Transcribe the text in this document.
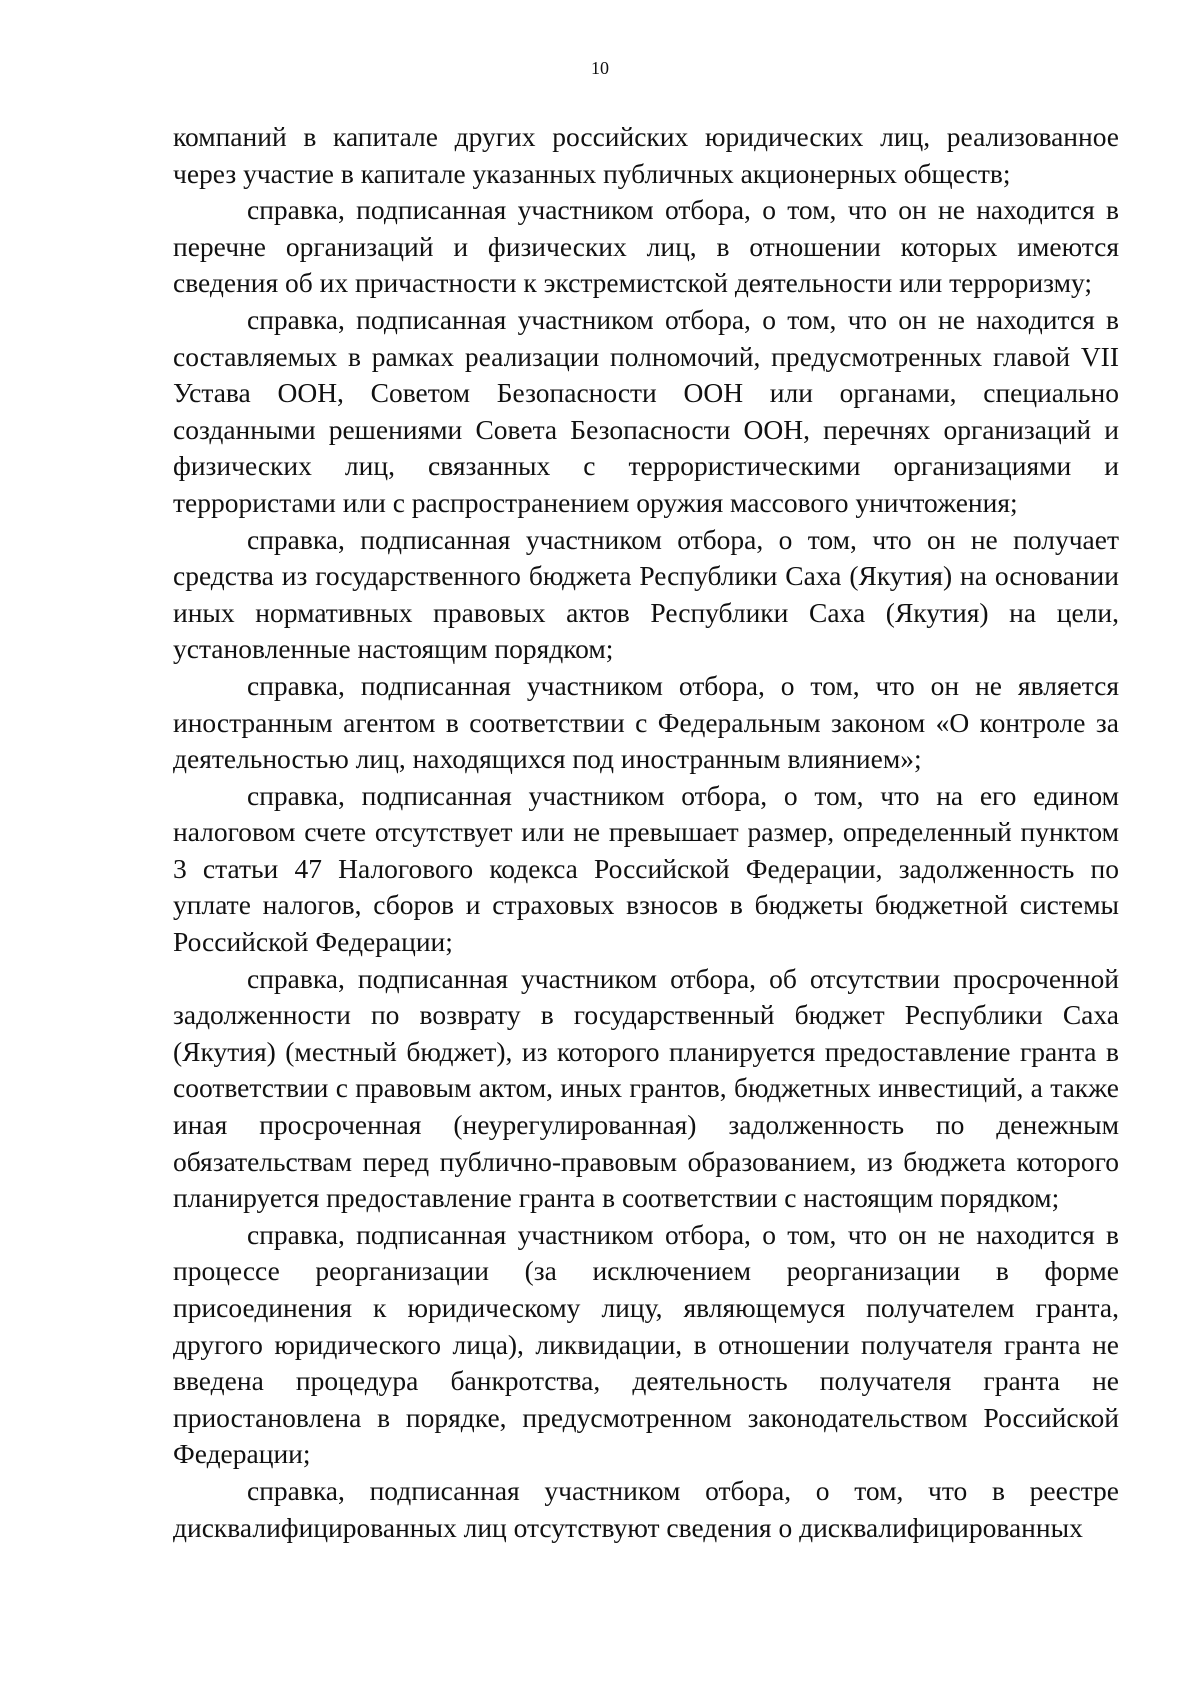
10

компаний в капитале других российских юридических лиц, реализованное через участие в капитале указанных публичных акционерных обществ;

справка, подписанная участником отбора, о том, что он не находится в перечне организаций и физических лиц, в отношении которых имеются сведения об их причастности к экстремистской деятельности или терроризму;

справка, подписанная участником отбора, о том, что он не находится в составляемых в рамках реализации полномочий, предусмотренных главой VII Устава ООН, Советом Безопасности ООН или органами, специально созданными решениями Совета Безопасности ООН, перечнях организаций и физических лиц, связанных с террористическими организациями и террористами или с распространением оружия массового уничтожения;

справка, подписанная участником отбора, о том, что он не получает средства из государственного бюджета Республики Саха (Якутия) на основании иных нормативных правовых актов Республики Саха (Якутия) на цели, установленные настоящим порядком;

справка, подписанная участником отбора, о том, что он не является иностранным агентом в соответствии с Федеральным законом «О контроле за деятельностью лиц, находящихся под иностранным влиянием»;

справка, подписанная участником отбора, о том, что на его едином налоговом счете отсутствует или не превышает размер, определенный пунктом 3 статьи 47 Налогового кодекса Российской Федерации, задолженность по уплате налогов, сборов и страховых взносов в бюджеты бюджетной системы Российской Федерации;

справка, подписанная участником отбора, об отсутствии просроченной задолженности по возврату в государственный бюджет Республики Саха (Якутия) (местный бюджет), из которого планируется предоставление гранта в соответствии с правовым актом, иных грантов, бюджетных инвестиций, а также иная просроченная (неурегулированная) задолженность по денежным обязательствам перед публично-правовым образованием, из бюджета которого планируется предоставление гранта в соответствии с настоящим порядком;

справка, подписанная участником отбора, о том, что он не находится в процессе реорганизации (за исключением реорганизации в форме присоединения к юридическому лицу, являющемуся получателем гранта, другого юридического лица), ликвидации, в отношении получателя гранта не введена процедура банкротства, деятельность получателя гранта не приостановлена в порядке, предусмотренном законодательством Российской Федерации;

справка, подписанная участником отбора, о том, что в реестре дисквалифицированных лиц отсутствуют сведения о дисквалифицированных
